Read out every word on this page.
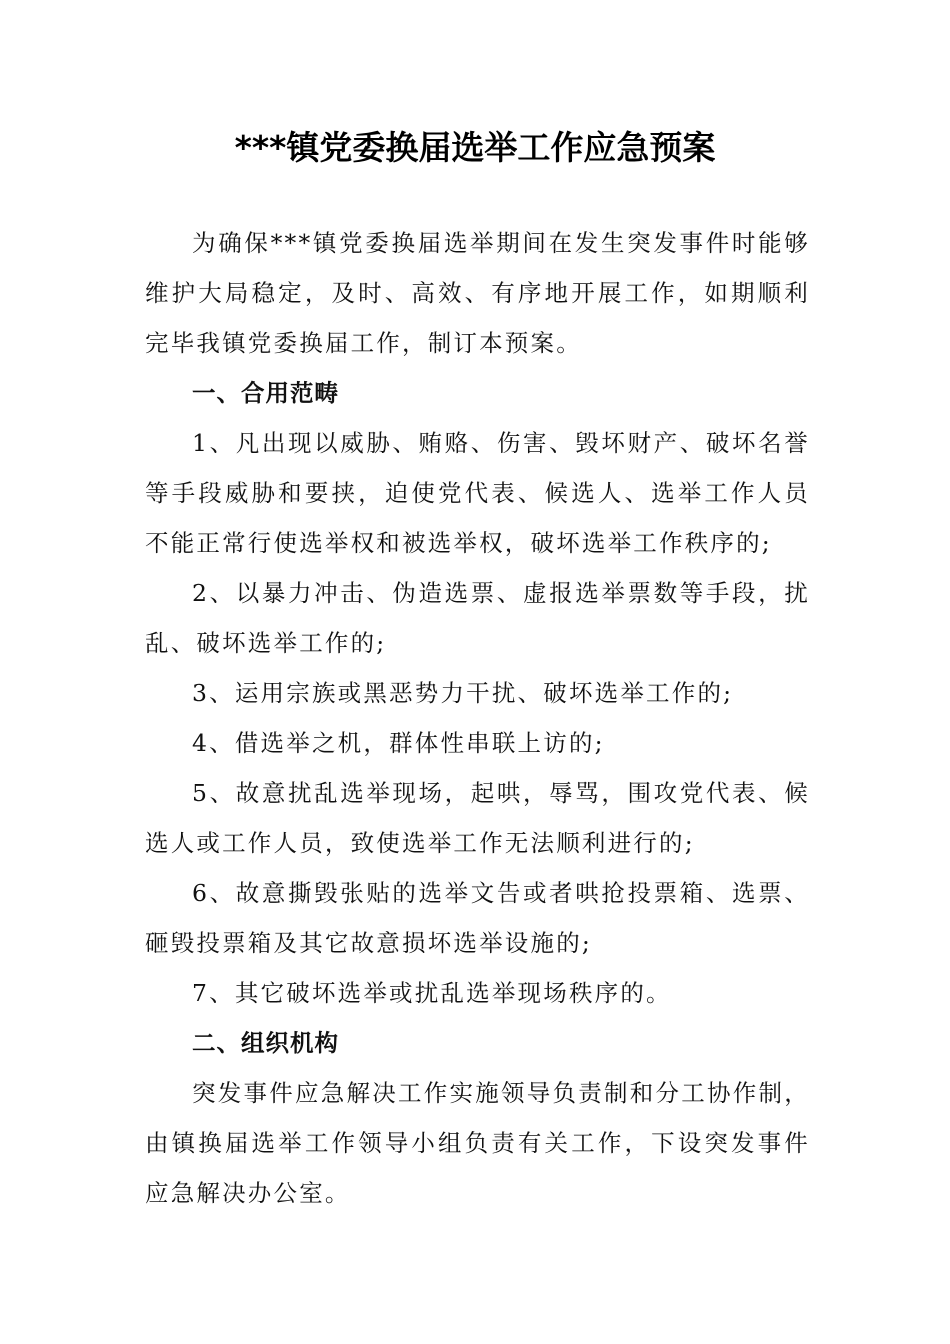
***镇党委换届选举工作应急预案

为确保***镇党委换届选举期间在发生突发事件时能够维护大局稳定，及时、高效、有序地开展工作，如期顺利完毕我镇党委换届工作，制订本预案。

一、合用范畴

1、凡出现以威胁、贿赂、伤害、毁坏财产、破坏名誉等手段威胁和要挟，迫使党代表、候选人、选举工作人员不能正常行使选举权和被选举权，破坏选举工作秩序的;

2、以暴力冲击、伪造选票、虚报选举票数等手段，扰乱、破坏选举工作的;

3、运用宗族或黑恶势力干扰、破坏选举工作的;

4、借选举之机，群体性串联上访的;

5、故意扰乱选举现场，起哄，辱骂，围攻党代表、候选人或工作人员，致使选举工作无法顺利进行的;

6、故意撕毁张贴的选举文告或者哄抢投票箱、选票、砸毁投票箱及其它故意损坏选举设施的;

7、其它破坏选举或扰乱选举现场秩序的。

二、组织机构

突发事件应急解决工作实施领导负责制和分工协作制，由镇换届选举工作领导小组负责有关工作，下设突发事件应急解决办公室。
